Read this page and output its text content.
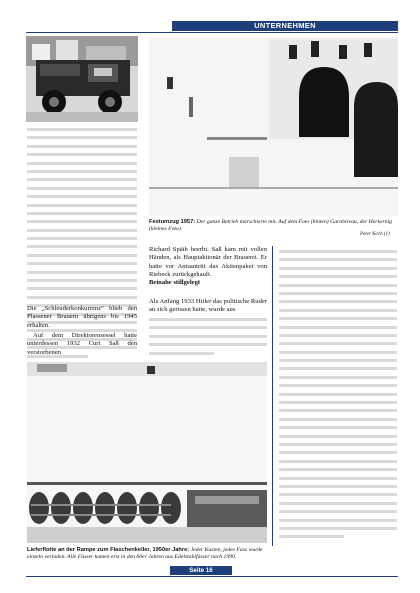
UNTERNEHMEN
Die „Schleuderkonkurrenz“ blieb den Plassener Brauern übrigens bis 1945 erhalten.
Auf dem Direktorensessel hatte unterdessen 1932 Curt Saß den verstorbenen
Festumzug 1957: Der ganze Betrieb marschierte mit. Auf dem Foto (hinten) Garnbireau, der Herkernig (kleines Foto).
Peter Koch (1)
Richard Späth beerbt. Saß kam mit vollen Händen, als Hauptaktionär der Brauerei. Er hatte vor Antsantritt das Aktienpaket von Riebeck zurückgekauft.
Beinahe stillgelegt
Als Anfang 1933 Hitler das politische Ruder an sich gerissen hatte, wurde aus
Lieferflotte an der Rampe zum Flaschenkeller, 1950er Jahre: Jeder Kasten, jedes Fass wurde einzeln verladen. Alle Fässer kamen erst in den 60er Jahren aus Edelstahlfässer nach 1990.
Seite 16
